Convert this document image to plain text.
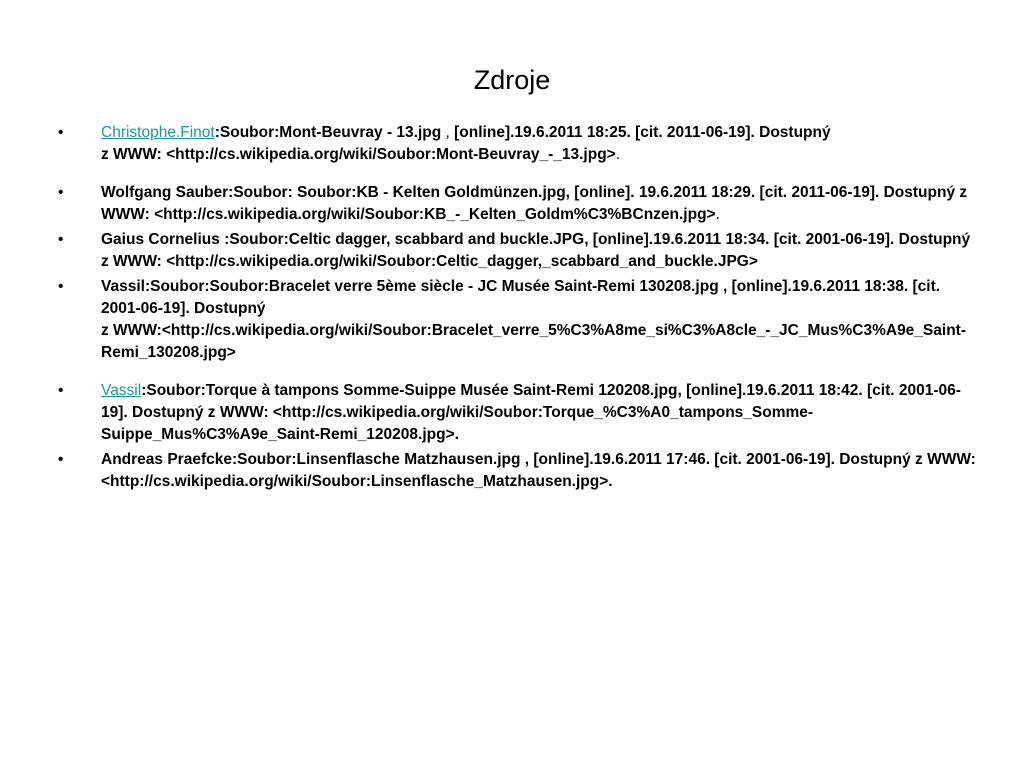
Zdroje
• Christophe.Finot:Soubor:Mont-Beuvray - 13.jpg , [online].19.6.2011 18:25. [cit. 2011-06-19]. Dostupný
z WWW: <http://cs.wikipedia.org/wiki/Soubor:Mont-Beuvray_-_13.jpg>.
• Wolfgang Sauber:Soubor: Soubor:KB - Kelten Goldmünzen.jpg, [online]. 19.6.2011 18:29. [cit. 2011-06-19]. Dostupný z WWW: <http://cs.wikipedia.org/wiki/Soubor:KB_-_Kelten_Goldm%C3%BCnzen.jpg>.
• Gaius Cornelius :Soubor:Celtic dagger, scabbard and buckle.JPG, [online].19.6.2011 18:34. [cit. 2001-06-19]. Dostupný z WWW: <http://cs.wikipedia.org/wiki/Soubor:Celtic_dagger,_scabbard_and_buckle.JPG>
• Vassil:Soubor:Soubor:Bracelet verre 5ème siècle - JC Musée Saint-Remi 130208.jpg , [online].19.6.2011 18:38. [cit. 2001-06-19]. Dostupný
z WWW:<http://cs.wikipedia.org/wiki/Soubor:Bracelet_verre_5%C3%A8me_si%C3%A8cle_-_JC_Mus%C3%A9e_Saint-Remi_130208.jpg>
• Vassil:Soubor:Torque à tampons Somme-Suippe Musée Saint-Remi 120208.jpg, [online].19.6.2011 18:42. [cit. 2001-06-19]. Dostupný z WWW: <http://cs.wikipedia.org/wiki/Soubor:Torque_%C3%A0_tampons_Somme-Suippe_Mus%C3%A9e_Saint-Remi_120208.jpg>.
• Andreas Praefcke:Soubor:Linsenflasche Matzhausen.jpg , [online].19.6.2011 17:46. [cit. 2001-06-19]. Dostupný z WWW: <http://cs.wikipedia.org/wiki/Soubor:Linsenflasche_Matzhausen.jpg>.
